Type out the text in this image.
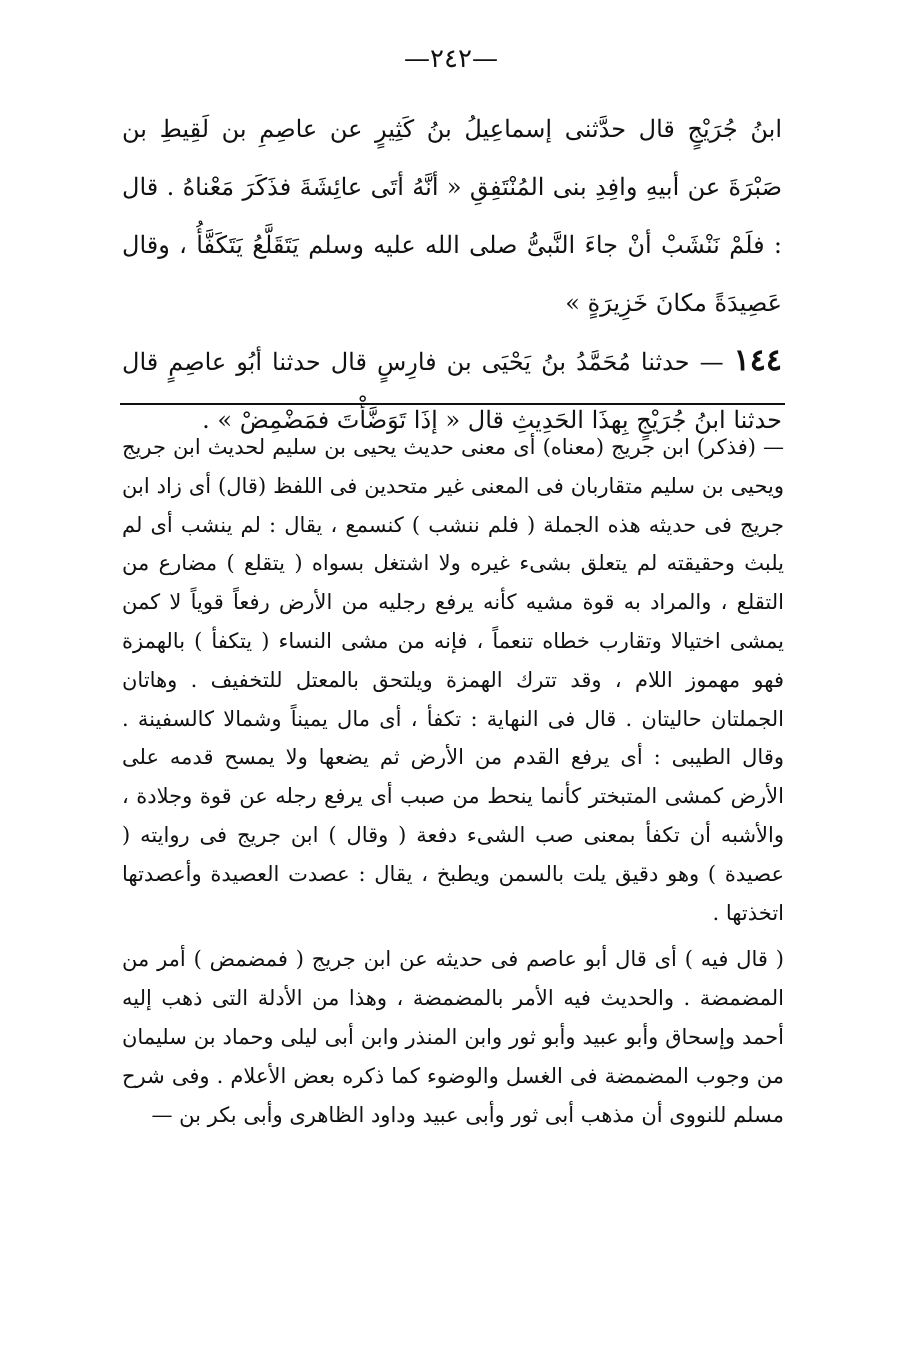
—٢٤٢—

ابنُ جُرَيْجٍ قال حدَّثنى إسماعِيلُ بنُ كَثِيرٍ عن عاصِمِ بن لَقِيطِ بن صَبْرَةَ عن أبيهِ وافِدِ بنى المُنْتَفِقِ « أنَّهُ أتَى عائِشَةَ فذَكَرَ مَعْناهُ . قال : فلَمْ نَنْشَبْ أنْ جاءَ النَّبىُّ صلى الله عليه وسلم يَتَقَلَّعُ يَتَكَفَّأُ ، وقال عَصِيدَةً مكانَ خَزِيرَةٍ »

١٤٤ — حدثنا مُحَمَّدُ بنُ يَحْيَى بن فارِسٍ قال حدثنا أبُو عاصِمٍ قال حدثنا ابنُ جُرَيْجٍ بِهذَا الحَدِيثِ قال « إذَا تَوَضَّأْتَ فمَضْمِضْ » .

— (فذكر) ابن جريج (معناه) أى معنى حديث يحيى بن سليم لحديث ابن جريج ويحيى بن سليم متقاربان فى المعنى غير متحدين فى اللفظ (قال) أى زاد ابن جريج فى حديثه هذه الجملة ( فلم ننشب ) كنسمع ، يقال : لم ينشب أى لم يلبث وحقيقته لم يتعلق بشىء غيره ولا اشتغل بسواه ( يتقلع ) مضارع من التقلع ، والمراد به قوة مشيه كأنه يرفع رجليه من الأرض رفعاً قوياً لا كمن يمشى اختيالا وتقارب خطاه تنعماً ، فإنه من مشى النساء ( يتكفأ ) بالهمزة فهو مهموز اللام ، وقد تترك الهمزة ويلتحق بالمعتل للتخفيف . وهاتان الجملتان حاليتان . قال فى النهاية : تكفأ ، أى مال يميناً وشمالا كالسفينة . وقال الطيبى : أى يرفع القدم من الأرض ثم يضعها ولا يمسح قدمه على الأرض كمشى المتبختر كأنما ينحط من صبب أى يرفع رجله عن قوة وجلادة ، والأشبه أن تكفأ بمعنى صب الشىء دفعة ( وقال ) ابن جريج فى روايته ( عصيدة ) وهو دقيق يلت بالسمن ويطبخ ، يقال : عصدت العصيدة وأعصدتها اتخذتها .

( قال فيه ) أى قال أبو عاصم فى حديثه عن ابن جريج ( فمضمض ) أمر من المضمضة . والحديث فيه الأمر بالمضمضة ، وهذا من الأدلة التى ذهب إليه أحمد وإسحاق وأبو عبيد وأبو ثور وابن المنذر وابن أبى ليلى وحماد بن سليمان من وجوب المضمضة فى الغسل والوضوء كما ذكره بعض الأعلام . وفى شرح مسلم للنووى أن مذهب أبى ثور وأبى عبيد وداود الظاهرى وأبى بكر بن —
